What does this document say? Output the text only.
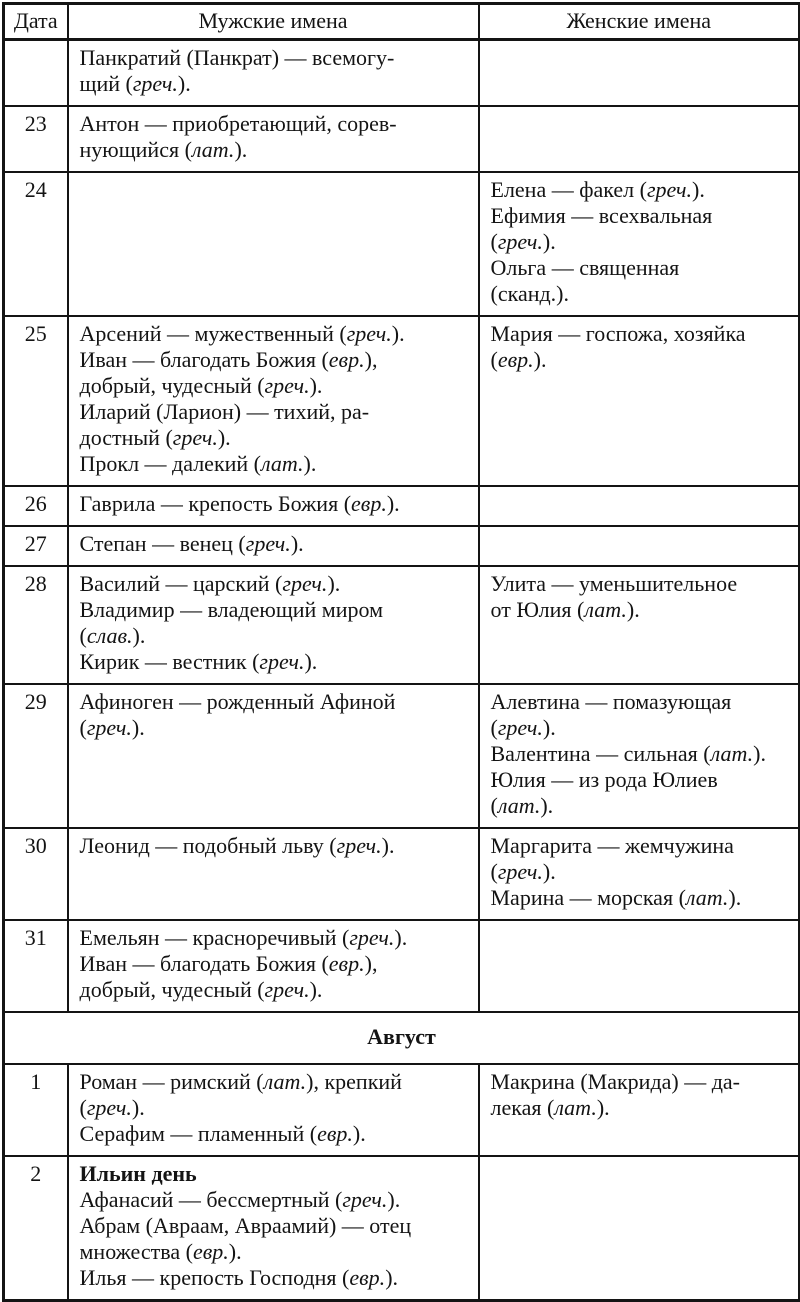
Дата	Мужские имена	Женские имена
	Панкратий (Панкрат) — всемогу-
щий (греч.).	
23	Антон — приобретающий, сорев-
нующийся (лат.).	
24		Елена — факел (греч.).
Ефимия — всехвальная
(греч.).
Ольга — священная
(сканд.).
25	Арсений — мужественный (греч.).
Иван — благодать Божия (евр.),
добрый, чудесный (греч.).
Иларий (Ларион) — тихий, ра-
достный (греч.).
Прокл — далекий (лат.).	Мария — госпожа, хозяйка
(евр.).
26	Гаврила — крепость Божия (евр.).	
27	Степан — венец (греч.).	
28	Василий — царский (греч.).
Владимир — владеющий миром
(слав.).
Кирик — вестник (греч.).	Улита — уменьшительное
от Юлия (лат.).
29	Афиноген — рожденный Афиной
(греч.).	Алевтина — помазующая
(греч.).
Валентина — сильная (лат.).
Юлия — из рода Юлиев
(лат.).
30	Леонид — подобный льву (греч.).	Маргарита — жемчужина
(греч.).
Марина — морская (лат.).
31	Емельян — красноречивый (греч.).
Иван — благодать Божия (евр.),
добрый, чудесный (греч.).	
Август		
1	Роман — римский (лат.), крепкий
(греч.).
Серафим — пламенный (евр.).	Макрина (Макрида) — да-
лекая (лат.).
2	Ильин день
Афанасий — бессмертный (греч.).
Абрам (Авраам, Авраамий) — отец
множества (евр.).
Илья — крепость Господня (евр.).	
